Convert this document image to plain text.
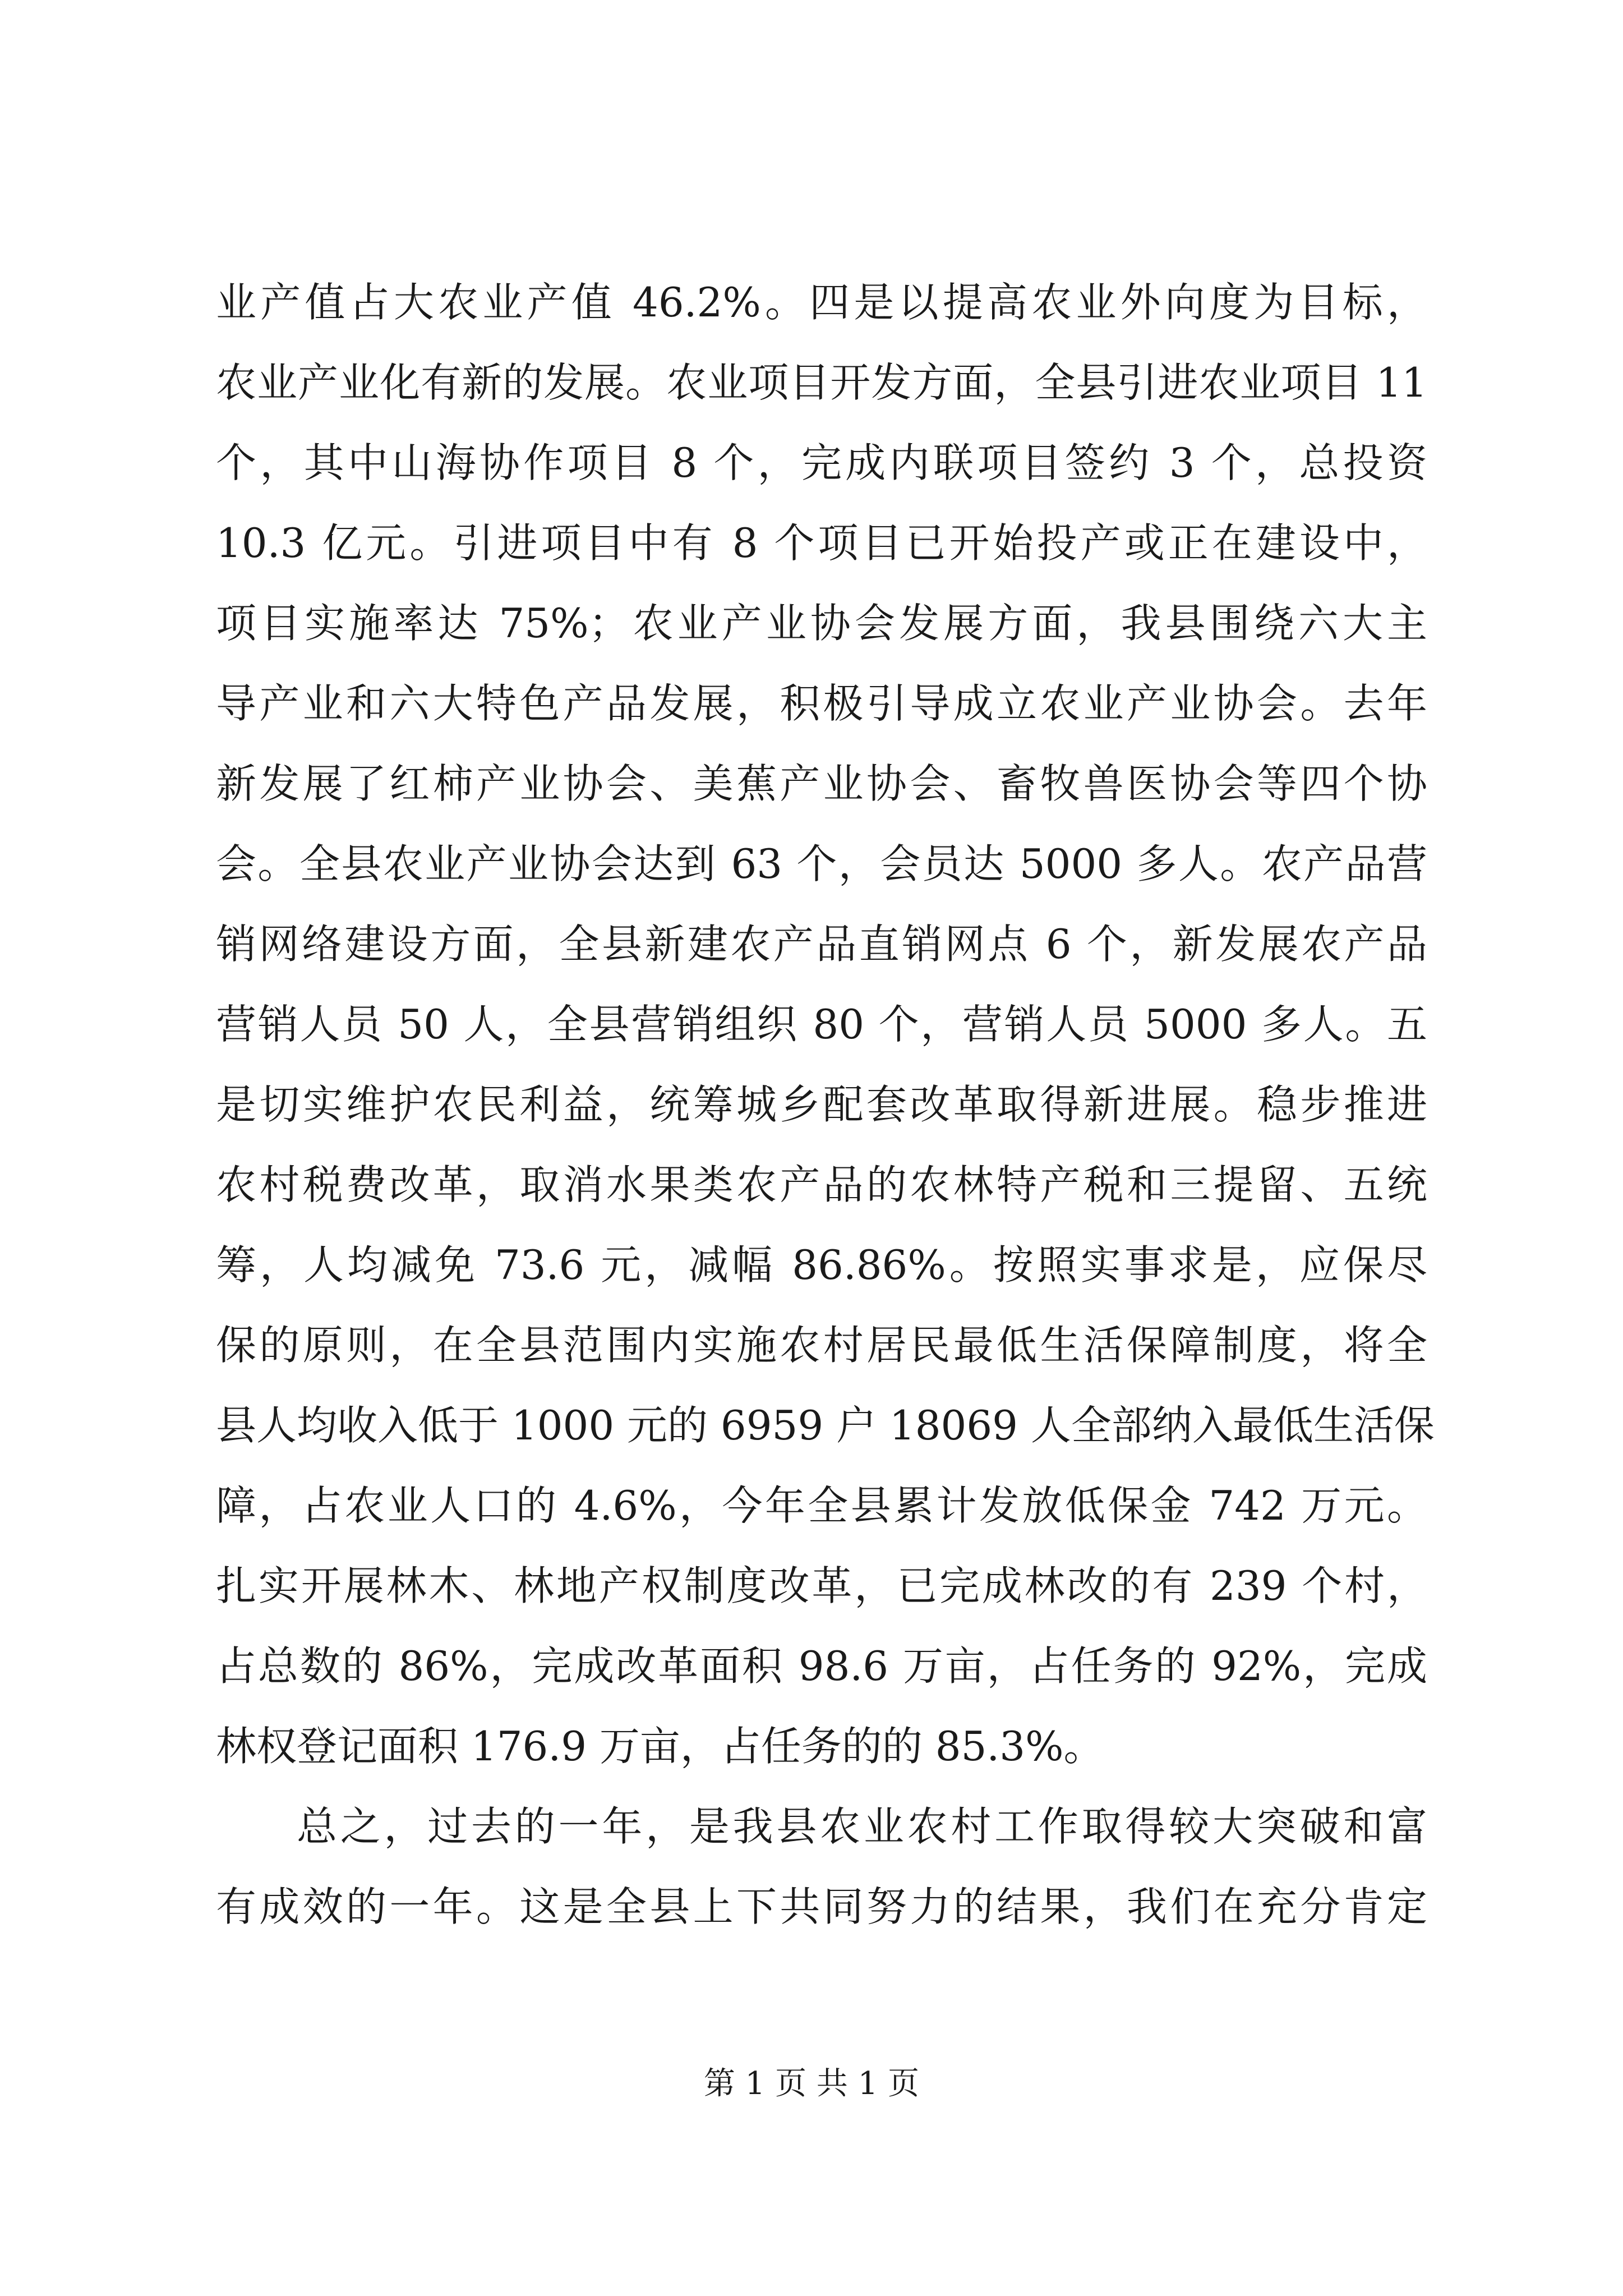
业产值占大农业产值 46.2%。四是以提高农业外向度为目标，
农业产业化有新的发展。农业项目开发方面，全县引进农业项目 11
个，其中山海协作项目 8 个，完成内联项目签约 3 个，总投资
10.3 亿元。引进项目中有 8 个项目已开始投产或正在建设中，
项目实施率达 75%；农业产业协会发展方面，我县围绕六大主
导产业和六大特色产品发展，积极引导成立农业产业协会。去年
新发展了红柿产业协会、美蕉产业协会、畜牧兽医协会等四个协
会。全县农业产业协会达到 63 个，会员达 5000 多人。农产品营
销网络建设方面，全县新建农产品直销网点 6 个，新发展农产品
营销人员 50 人，全县营销组织 80 个，营销人员 5000 多人。五
是切实维护农民利益，统筹城乡配套改革取得新进展。稳步推进
农村税费改革，取消水果类农产品的农林特产税和三提留、五统
筹，人均减免 73.6 元，减幅 86.86%。按照实事求是，应保尽
保的原则，在全县范围内实施农村居民最低生活保障制度，将全
县人均收入低于 1000 元的 6959 户 18069 人全部纳入最低生活保
障，占农业人口的 4.6%，今年全县累计发放低保金 742 万元。
扎实开展林木、林地产权制度改革，已完成林改的有 239 个村，
占总数的 86%，完成改革面积 98.6 万亩，占任务的 92%，完成
林权登记面积 176.9 万亩，占任务的的 85.3%。
总之，过去的一年，是我县农业农村工作取得较大突破和富
有成效的一年。这是全县上下共同努力的结果，我们在充分肯定
第 1 页 共 1 页
